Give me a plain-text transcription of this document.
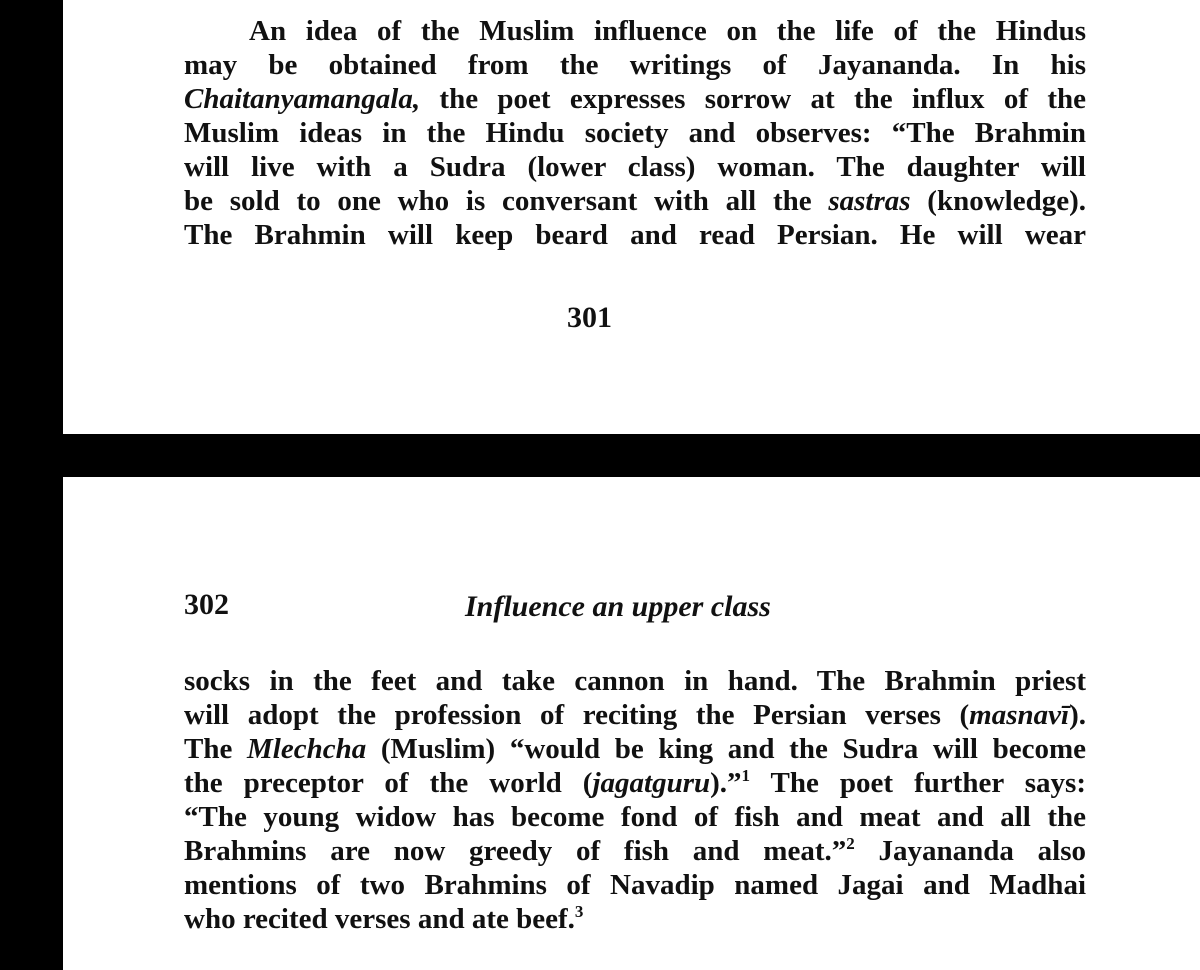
An idea of the Muslim influence on the life of the Hindus
may be obtained from the writings of Jayananda. In his
Chaitanyamangala, the poet expresses sorrow at the influx of the
Muslim ideas in the Hindu society and observes: “The Brahmin
will live with a Sudra (lower class) woman. The daughter will
be sold to one who is conversant with all the sastras (knowledge).
The Brahmin will keep beard and read Persian. He will wear
301
302	Influence an upper class
socks in the feet and take cannon in hand. The Brahmin priest
will adopt the profession of reciting the Persian verses (masnavī).
The Mlechcha (Muslim) “would be king and the Sudra will become
the preceptor of the world (jagatguru).”$^1$ The poet further says:
“The young widow has become fond of fish and meat and all the
Brahmins are now greedy of fish and meat.”$^2$ Jayananda also
mentions of two Brahmins of Navadip named Jagai and Madhai
who recited verses and ate beef.$^3$
